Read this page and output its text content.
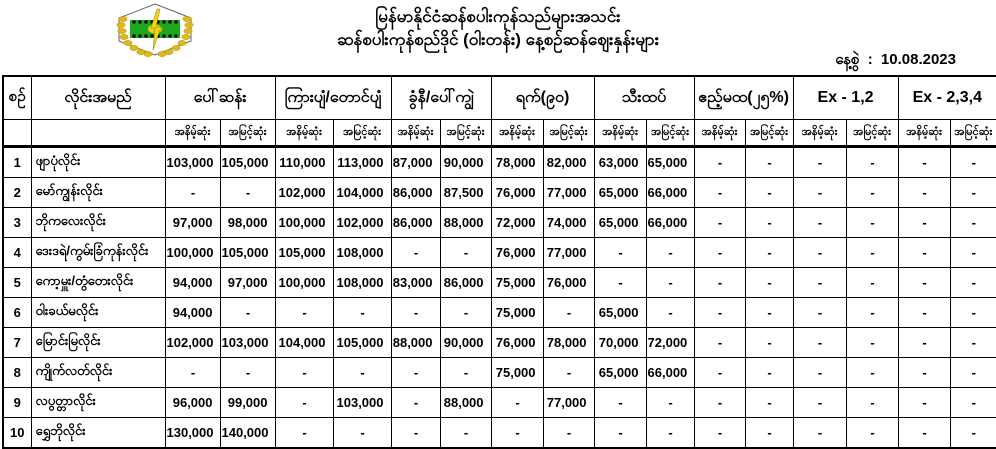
မြန်မာနိုင်ငံဆန်စပါးကုန်သည်များအသင်း
ဆန်စပါးကုန်စည်ဒိုင် (ဝါးတန်း) နေ့စဉ်ဆန်ဈေးနှန်းများ
နေ့စွဲ : 10.08.2023
စဉ်	လိုင်းအမည်	ပေါ်ဆန်း		ကြားပျံ/တောင်ပျံ		ခွံနီ/ပေါ်ကျွဲ		ရက်(၉၀)		သီးထပ်		ဧည့်မထ(၂၅%)		Ex - 1,2		Ex - 2,3,4	
		အနိမ့်ဆုံး	အမြင့်ဆုံး	အနိမ့်ဆုံး	အမြင့်ဆုံး	အနိမ့်ဆုံး	အမြင့်ဆုံး	အနိမ့်ဆုံး	အမြင့်ဆုံး	အနိမ့်ဆုံး	အမြင့်ဆုံး	အနိမ့်ဆုံး	အမြင့်ဆုံး	အနိမ့်ဆုံး	အမြင့်ဆုံး	အနိမ့်ဆုံး	အမြင့်ဆုံး
1	ဖျာပုံလိုင်း	103,000	105,000	110,000	113,000	87,000	90,000	78,000	82,000	63,000	65,000	-	-	-	-	-	-
2	မော်ကျွန်းလိုင်း	-	-	102,000	104,000	86,000	87,500	76,000	77,000	65,000	66,000	-	-	-	-	-	-
3	ဘိုကလေးလိုင်း	97,000	98,000	100,000	102,000	86,000	88,000	72,000	74,000	65,000	66,000	-	-	-	-	-	-
4	ဒေးဒရဲ/ကွမ်းခြံကုန်းလိုင်း	100,000	105,000	105,000	108,000	-	-	76,000	77,000	-	-	-	-	-	-	-	-
5	ကော့မှူး/တွံတေးလိုင်း	94,000	97,000	100,000	108,000	83,000	86,000	75,000	76,000	-	-	-	-	-	-	-	-
6	ဝါးခယ်မလိုင်း	94,000	-	-	-	-	-	75,000	-	65,000	-	-	-	-	-	-	-
7	မြောင်းမြလိုင်း	102,000	103,000	104,000	105,000	88,000	90,000	76,000	78,000	70,000	72,000	-	-	-	-	-	-
8	ကျိုက်လတ်လိုင်း	-	-	-	-	-	-	75,000	-	65,000	66,000	-	-	-	-	-	-
9	လပွတ္တာလိုင်း	96,000	99,000	-	103,000	-	88,000	-	77,000	-	-	-	-	-	-	-	-
10	ရွှေဘိုလိုင်း	130,000	140,000	-	-	-	-	-	-	-	-	-	-	-	-	-	-
